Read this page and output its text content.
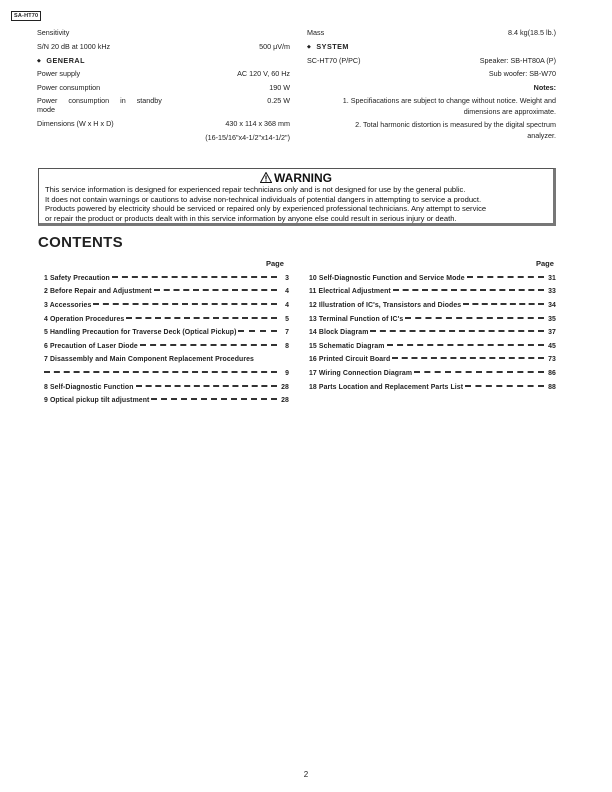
SA-HT70
Sensitivity
S/N 20 dB at 1000 kHz	500 μV/m
◆ GENERAL
Power supply	AC 120 V, 60 Hz
Power consumption	190 W
Power consumption in standby	0.25 W
mode
Dimensions (W x H x D)	430 x 114 x 368 mm
(16-15/16"x4-1/2"x14-1/2")
Mass	8.4 kg(18.5 lb.)
◆ SYSTEM
SC-HT70 (P/PC)	Speaker: SB-HT80A (P)
Sub woofer: SB-W70
Notes:
1. Specifiacations are subject to change without notice. Weight and
dimensions are approximate.
2. Total harmonic distortion is measured by the digital spectrum
analyzer.
WARNING
This service information is designed for experienced repair technicians only and is not designed for use by the general public.
It does not contain warnings or cautions to advise non-technical individuals of potential dangers in attempting to service a product.
Products powered by electricity should be serviced or repaired only by experienced professional technicians. Any attempt to service
or repair the product or products dealt with in this service information by anyone else could result in serious injury or death.
CONTENTS
Page	Page
1 Safety Precaution	3
2 Before Repair and Adjustment	4
3 Accessories	4
4 Operation Procedures	5
5 Handling Precaution for Traverse Deck (Optical Pickup)	7
6 Precaution of Laser Diode	8
7 Disassembly and Main Component Replacement Procedures
9
8 Self-Diagnostic Function	28
9 Optical pickup tilt adjustment	28
10 Self-Diagnostic Function and Service Mode	31
11 Electrical Adjustment	33
12 Illustration of IC's, Transistors and Diodes	34
13 Terminal Function of IC's	35
14 Block Diagram	37
15 Schematic Diagram	45
16 Printed Circuit Board	73
17 Wiring Connection Diagram	86
18 Parts Location and Replacement Parts List	88
2
